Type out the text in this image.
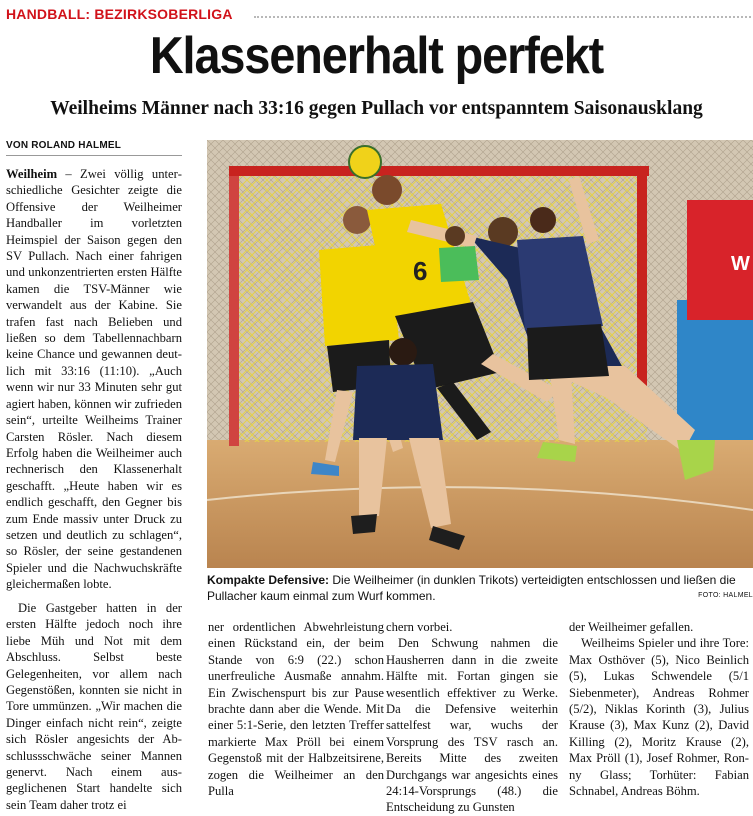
HANDBALL: BEZIRKSOBERLIGA
Klassenerhalt perfekt
Weilheims Männer nach 33:16 gegen Pullach vor entspanntem Saisonausklang
VON ROLAND HALMEL

Weilheim – Zwei völlig unterschiedliche Gesichter zeigte die Offensive der Weilheimer Handballer im vorletzten Heimspiel der Saison gegen den SV Pullach. Nach einer fahrigen und unkonzentrierten ersten Hälfte kamen die TSV-Männer wie verwandelt aus der Kabine. Sie trafen fast nach Belieben und ließen so dem Tabellennachbarn keine Chance und gewannen deutlich mit 33:16 (11:10). „Auch wenn wir nur 33 Minuten sehr gut agiert haben, können wir zufrieden sein“, urteilte Weilheims Trainer Carsten Rösler. Nach diesem Erfolg haben die Weilheimer auch rechnerisch den Klassenerhalt geschafft. „Heute haben wir es endlich geschafft, den Gegner bis zum Ende massiv unter Druck zu setzen und deutlich zu schlagen“, so Rösler, der seine gestandenen Spieler und die Nachwuchskräfte gleichermaßen lobte.

Die Gastgeber hatten in der ersten Hälfte jedoch noch ihre liebe Müh und Not mit dem Abschluss. Selbst beste Gelegenheiten, vor allem nach Gegenstößen, konnten sie nicht in Tore ummünzen. „Wir machen die Dinger einfach nicht rein“, zeigte sich Rösler angesichts der Abschlussschwäche seiner Mannen genervt. Nach einem ausgeglichenen Start handelte sich sein Team daher trotz ei

ner ordentlichen Abwehrleistung einen Rückstand ein, der beim Stande von 6:9 (22.) schon unerfreuliche Ausmaße annahm. Ein Zwischenspurt bis zur Pause brachte dann aber die Wende. Mit einer 5:1-Serie, den letzten Treffer markierte Max Pröll bei einem Gegenstoß mit der Halbzeitsirene, zogen die Weilheimer an den Pulla

chern vorbei.

Den Schwung nahmen die Hausherren dann in die zweite Hälfte mit. Fortan gingen sie wesentlich effektiver zu Werke. Da die Defensive weiterhin sattelfest war, wuchs der Vorsprung des TSV rasch an. Bereits Mitte des zweiten Durchgangs war angesichts eines 24:14-Vorsprungs (48.) die Entscheidung zu Gunsten

der Weilheimer gefallen.

Weilheims Spieler und ihre Tore: Max Osthöver (5), Nico Beinlich (5), Lukas Schwendele (5/1 Siebenmeter), Andreas Rohmer (5/2), Niklas Korinth (3), Julius Krause (3), Max Kunz (2), David Killing (2), Moritz Krause (2), Max Pröll (1), Josef Rohmer, Ronny Glass; Torhüter: Fabian Schnabel, Andreas Böhm.

W
6
Kompakte Defensive: Die Weilheimer (in dunklen Trikots) verteidigten entschlossen und ließen die Pullacher kaum einmal zum Wurf kommen.	FOTO: HALMEL
